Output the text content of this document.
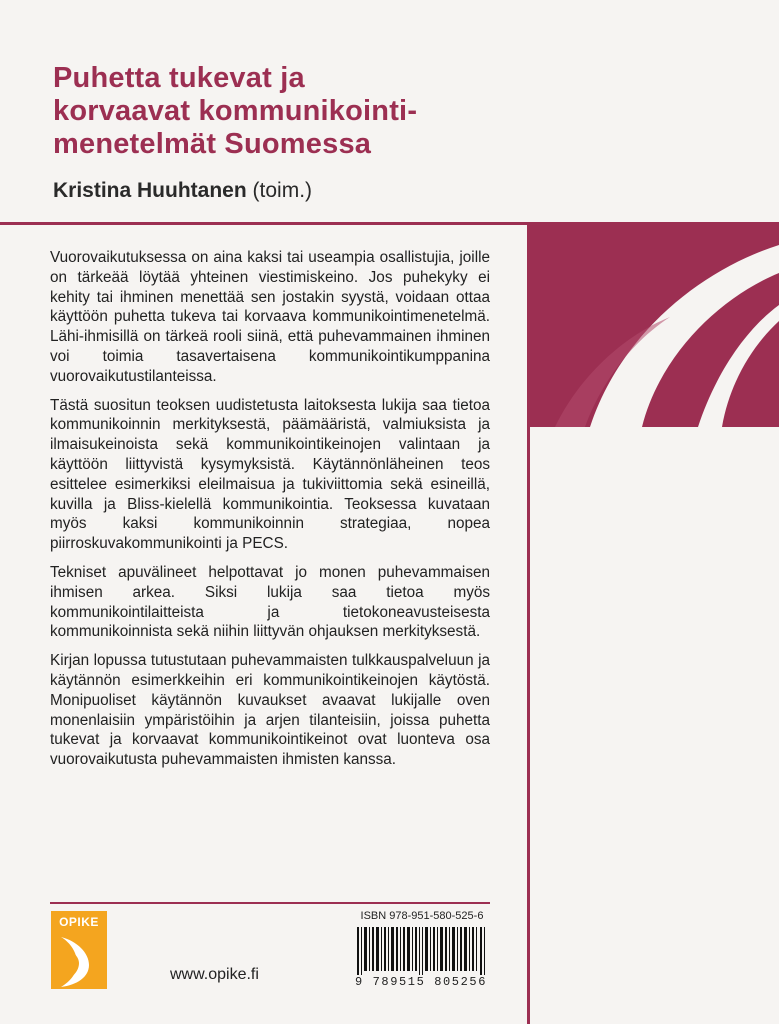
Puhetta tukevat ja
korvaavat kommunikointi-
menetelmät Suomessa
Kristina Huuhtanen (toim.)

Vuorovaikutuksessa on aina kaksi tai useampia osallistujia, joille on tärkeää löytää yhteinen viestimiskeino. Jos puhekyky ei kehity tai ihminen menettää sen jostakin syystä, voidaan ottaa käyttöön puhetta tukeva tai korvaava kommunikointimenetelmä. Lähi-ihmisillä on tärkeä rooli siinä, että puhevammainen ihminen voi toimia tasavertaisena kommunikointikumppanina vuorovaikutustilanteissa.

Tästä suositun teoksen uudistetusta laitoksesta lukija saa tietoa kommunikoinnin merkityksestä, päämääristä, valmiuksista ja ilmaisukeinoista sekä kommunikointikeinojen valintaan ja käyttöön liittyvistä kysymyksistä. Käytännönläheinen teos esittelee esimerkiksi eleilmaisua ja tukiviittomia sekä esineillä, kuvilla ja Bliss-kielellä kommunikointia. Teoksessa kuvataan myös kaksi kommunikoinnin strategiaa, nopea piirroskuvakommunikointi ja PECS.

Tekniset apuvälineet helpottavat jo monen puhevammaisen ihmisen arkea. Siksi lukija saa tietoa myös kommunikointilaitteista ja tietokoneavusteisesta kommunikoinnista sekä niihin liittyvän ohjauksen merkityksestä.

Kirjan lopussa tutustutaan puhevammaisten tulkkauspalveluun ja käytännön esimerkkeihin eri kommunikointikeinojen käytöstä. Monipuoliset käytännön kuvaukset avaavat lukijalle oven monenlaisiin ympäristöihin ja arjen tilanteisiin, joissa puhetta tukevat ja korvaavat kommunikointikeinot ovat luonteva osa vuorovaikutusta puhevammaisten ihmisten kanssa.

OPIKE
www.opike.fi
ISBN 978-951-580-525-6
9 789515 805256
